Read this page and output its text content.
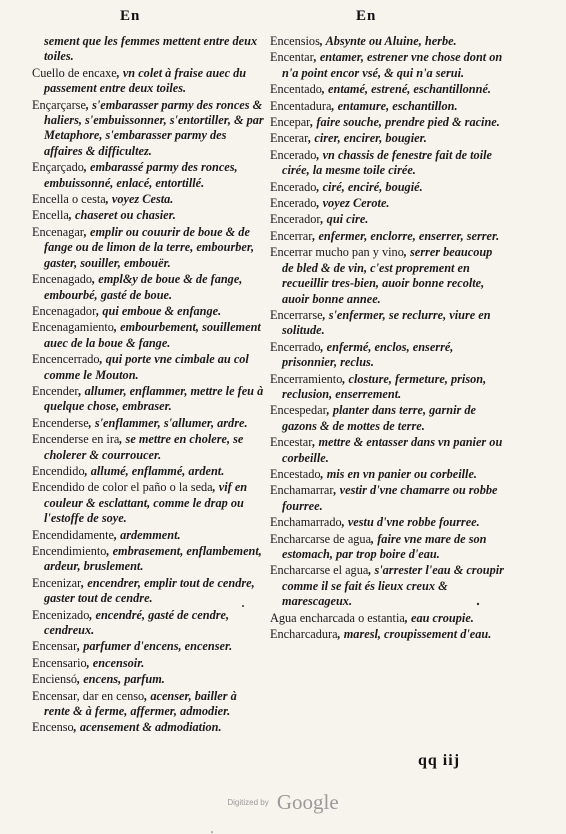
En	En

sement que les femmes mettent entre deux toiles.

Cuello de encaxe, vn colet à fraise auec du passement entre deux toiles.

Ençarçarse, s'embarasser parmy des ronces & haliers, s'embuissonner, s'entortiller, & par Metaphore, s'embarasser parmy des affaires & difficultez.

Ençarçado, embarassé parmy des ronces, embuissonné, enlacé, entortillé.

Encella o cesta, voyez Cesta.

Encella, chaseret ou chasier.

Encenagar, emplir ou couurir de boue & de fange ou de limon de la terre, embourber, gaster, souiller, embouër.

Encenagado, empl&y de boue & de fange, embourbé, gasté de boue.

Encenagador, qui emboue & enfange.

Encenagamiento, embourbement, souillement auec de la boue & fange.

Encencerrado, qui porte vne cimbale au col comme le Mouton.

Encender, allumer, enflammer, mettre le feu à quelque chose, embraser.

Encenderse, s'enflammer, s'allumer, ardre.

Encenderse en ira, se mettre en cholere, se cholerer & courroucer.

Encendido, allumé, enflammé, ardent.

Encendido de color el paño o la seda, vif en couleur & esclattant, comme le drap ou l'estoffe de soye.

Encendidamente, ardemment.

Encendimiento, embrasement, enflambement, ardeur, bruslement.

Encenizar, encendrer, emplir tout de cendre, gaster tout de cendre.

Encenizado, encendré, gasté de cendre, cendreux.

Encensar, parfumer d'encens, encenser.

Encensario, encensoir.

Enciensó, encens, parfum.

Encensar, dar en censo, acenser, bailler à rente & à ferme, affermer, admodier.

Encenso, acensement & admodiation.

Encensios, Absynte ou Aluine, herbe.

Encentar, entamer, estrener vne chose dont on n'a point encor vsé, & qui n'a serui.

Encentado, entamé, estrené, eschantillonné.

Encentadura, entamure, eschantillon.

Encepar, faire souche, prendre pied & racine.

Encerar, cirer, encirer, bougier.

Encerado, vn chassis de fenestre fait de toile cirée, la mesme toile cirée.

Encerado, ciré, enciré, bougié.

Encerado, voyez Cerote.

Encerador, qui cire.

Encerrar, enfermer, enclorre, enserrer, serrer.

Encerrar mucho pan y vino, serrer beaucoup de bled & de vin, c'est proprement en recueillir tres-bien, auoir bonne recolte, auoir bonne annee.

Encerrarse, s'enfermer, se reclurre, viure en solitude.

Encerrado, enfermé, enclos, enserré, prisonnier, reclus.

Encerramiento, closture, fermeture, prison, reclusion, enserrement.

Encespedar, planter dans terre, garnir de gazons & de mottes de terre.

Encestar, mettre & entasser dans vn panier ou corbeille.

Encestado, mis en vn panier ou corbeille.

Enchamarrar, vestir d'vne chamarre ou robbe fourree.

Enchamarrado, vestu d'vne robbe fourree.

Encharcarse de agua, faire vne mare de son estomach, par trop boire d'eau.

Encharcarse el agua, s'arrester l'eau & croupir comme il se fait és lieux creux & marescageux.

Agua encharcada o estantia, eau croupie.

Encharcadura, maresl, croupissement d'eau.

qq iij
Digitized by Google
